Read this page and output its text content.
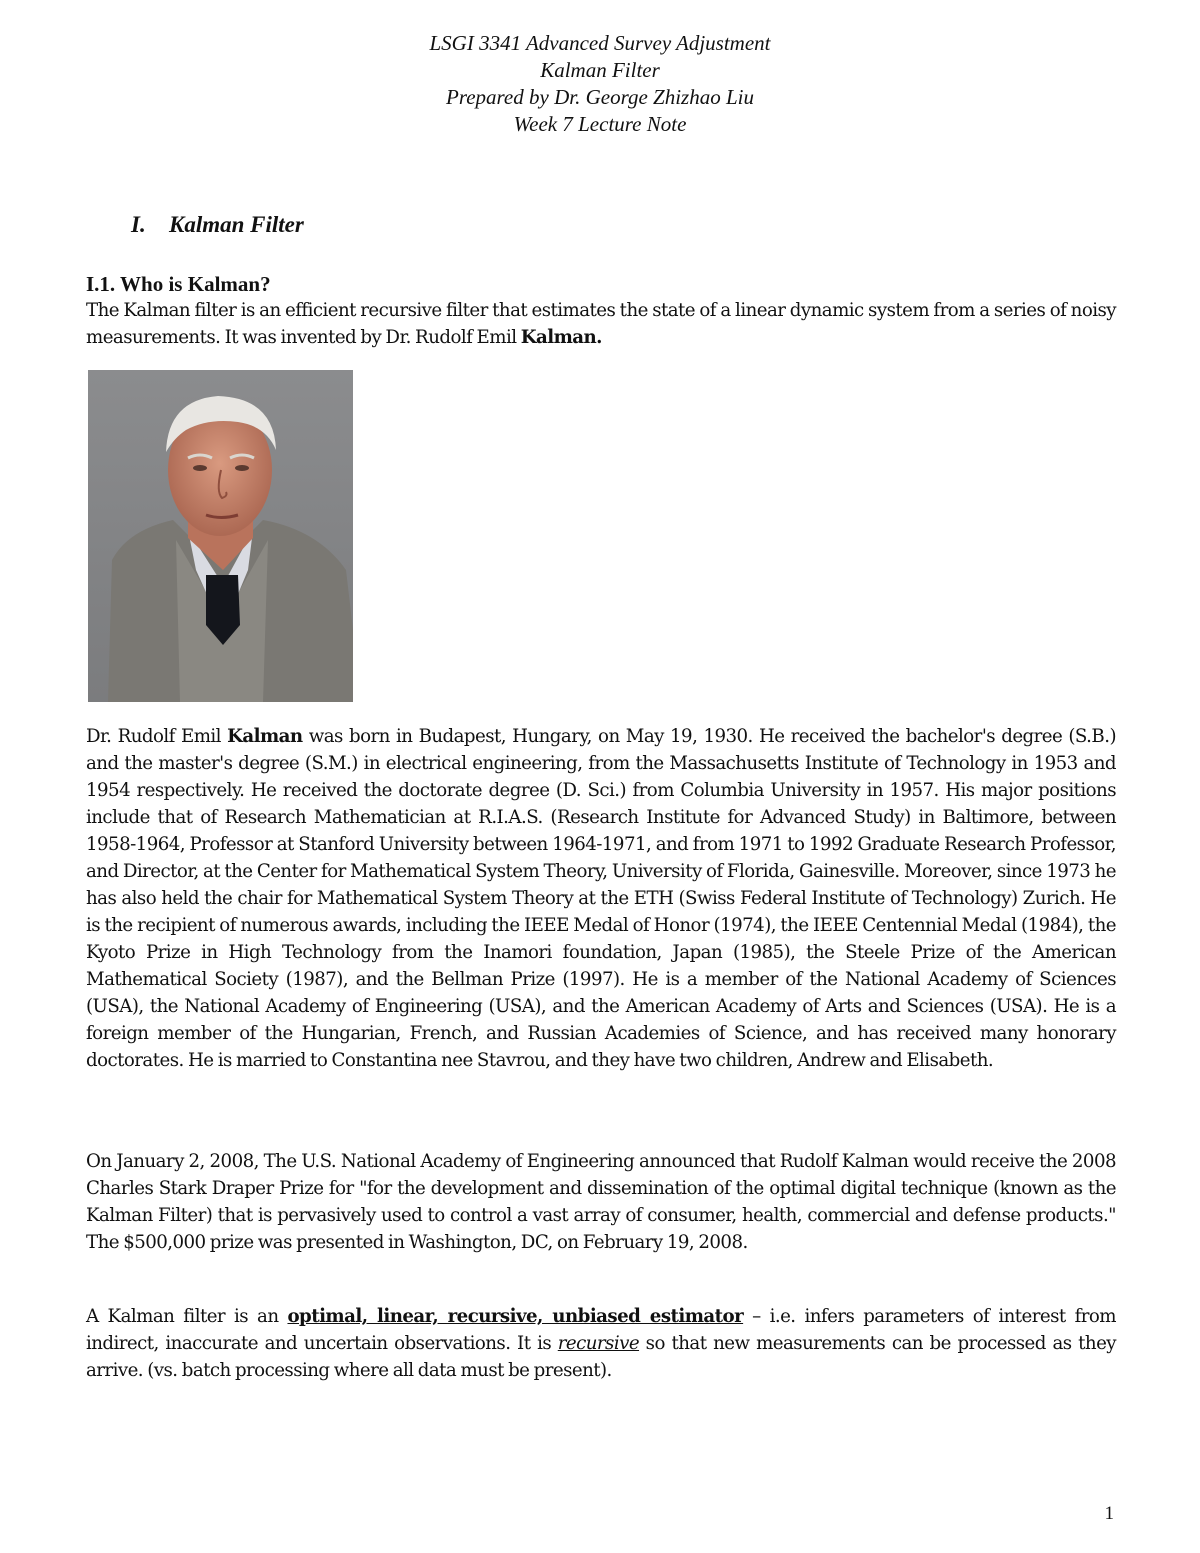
LSGI 3341 Advanced Survey Adjustment
Kalman Filter
Prepared by Dr. George Zhizhao Liu
Week 7 Lecture Note
I. Kalman Filter
I.1. Who is Kalman?
The Kalman filter is an efficient recursive filter that estimates the state of a linear dynamic system from a series of noisy measurements. It was invented by Dr. Rudolf Emil Kalman.
Dr. Rudolf Emil Kalman was born in Budapest, Hungary, on May 19, 1930. He received the bachelor's degree (S.B.) and the master's degree (S.M.) in electrical engineering, from the Massachusetts Institute of Technology in 1953 and 1954 respectively. He received the doctorate degree (D. Sci.) from Columbia University in 1957. His major positions include that of Research Mathematician at R.I.A.S. (Research Institute for Advanced Study) in Baltimore, between 1958-1964, Professor at Stanford University between 1964-1971, and from 1971 to 1992 Graduate Research Professor, and Director, at the Center for Mathematical System Theory, University of Florida, Gainesville. Moreover, since 1973 he has also held the chair for Mathematical System Theory at the ETH (Swiss Federal Institute of Technology) Zurich. He is the recipient of numerous awards, including the IEEE Medal of Honor (1974), the IEEE Centennial Medal (1984), the Kyoto Prize in High Technology from the Inamori foundation, Japan (1985), the Steele Prize of the American Mathematical Society (1987), and the Bellman Prize (1997). He is a member of the National Academy of Sciences (USA), the National Academy of Engineering (USA), and the American Academy of Arts and Sciences (USA). He is a foreign member of the Hungarian, French, and Russian Academies of Science, and has received many honorary doctorates. He is married to Constantina nee Stavrou, and they have two children, Andrew and Elisabeth.
On January 2, 2008, The U.S. National Academy of Engineering announced that Rudolf Kalman would receive the 2008 Charles Stark Draper Prize for "for the development and dissemination of the optimal digital technique (known as the Kalman Filter) that is pervasively used to control a vast array of consumer, health, commercial and defense products." The $500,000 prize was presented in Washington, DC, on February 19, 2008.
A Kalman filter is an optimal, linear, recursive, unbiased estimator – i.e. infers parameters of interest from indirect, inaccurate and uncertain observations. It is recursive so that new measurements can be processed as they arrive. (vs. batch processing where all data must be present).
1
